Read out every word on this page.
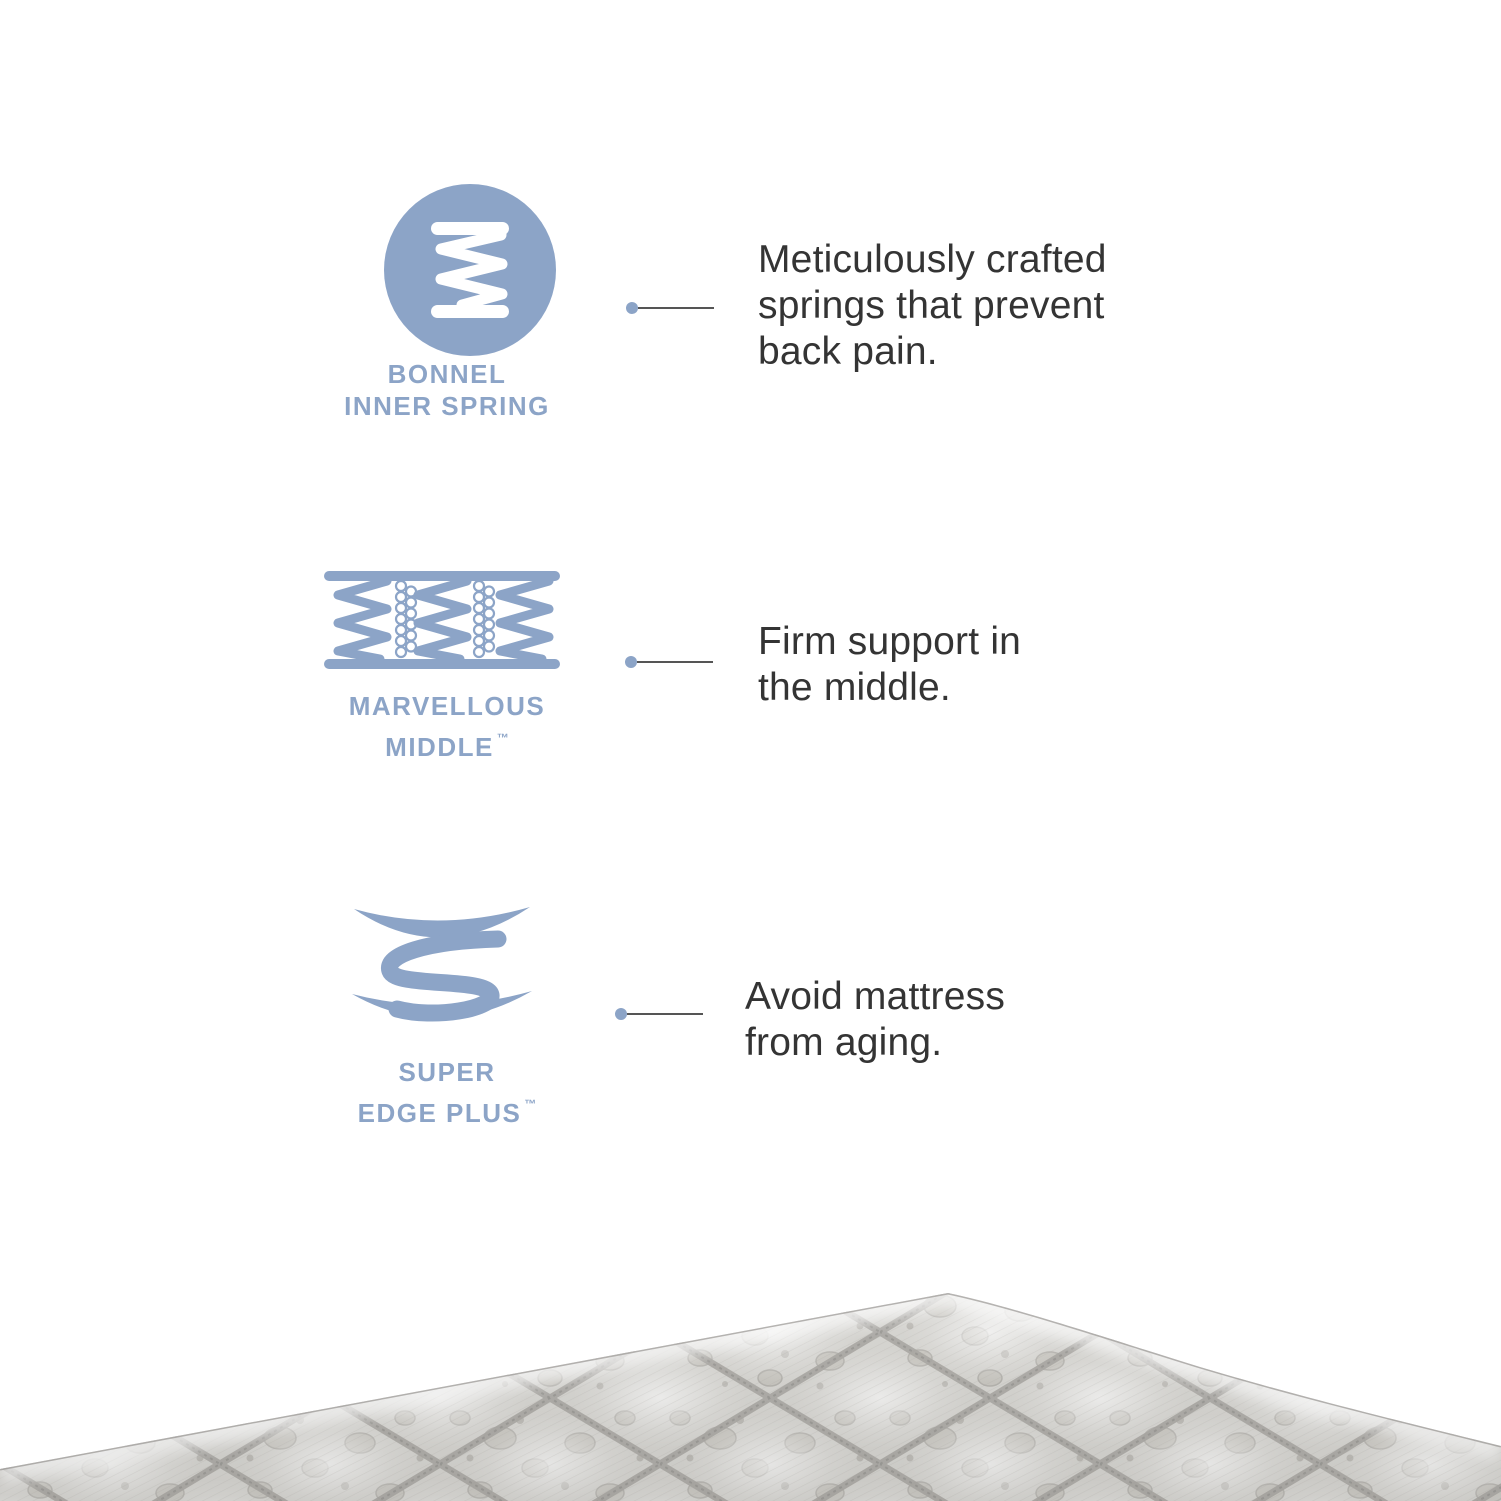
BONNEL
INNER SPRING
Meticulously crafted
springs that prevent
back pain.
MARVELLOUS
MIDDLE ™
Firm support in
the middle.
SUPER
EDGE PLUS ™
Avoid mattress
from aging.
